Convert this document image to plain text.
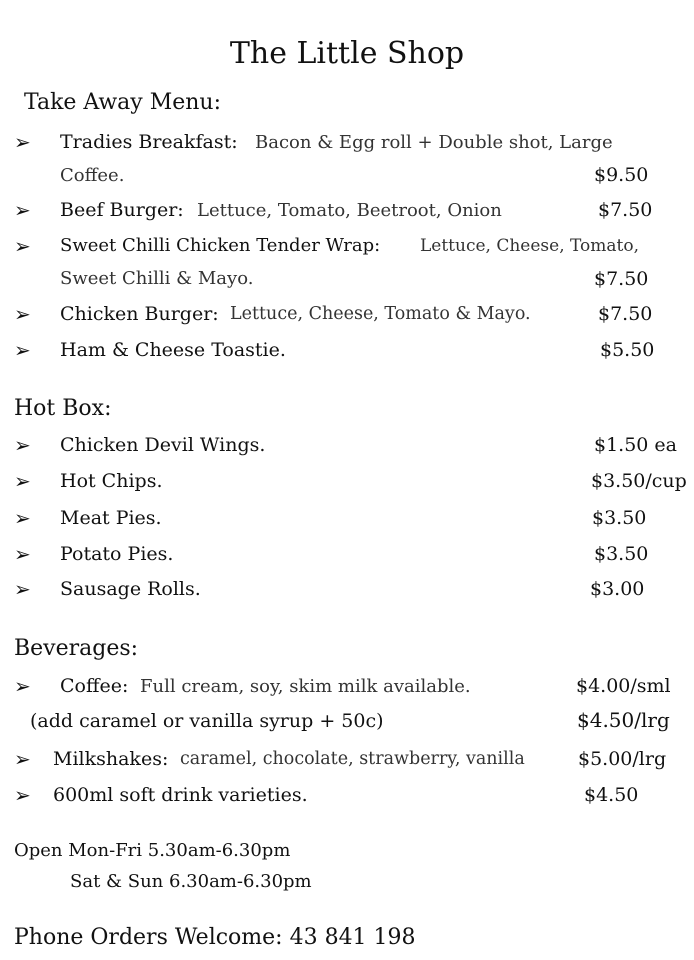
The Little Shop
Take Away Menu:
➢ Tradies Breakfast: Bacon & Egg roll + Double shot, Large
Coffee.	$9.50
➢ Beef Burger: Lettuce, Tomato, Beetroot, Onion	$7.50
➢ Sweet Chilli Chicken Tender Wrap: Lettuce, Cheese, Tomato,
Sweet Chilli & Mayo.	$7.50
➢ Chicken Burger: Lettuce, Cheese, Tomato & Mayo.	$7.50
➢ Ham & Cheese Toastie.	$5.50
Hot Box:
➢ Chicken Devil Wings.	$1.50 ea
➢ Hot Chips.	$3.50/cup
➢ Meat Pies.	$3.50
➢ Potato Pies.	$3.50
➢ Sausage Rolls.	$3.00
Beverages:
➢ Coffee: Full cream, soy, skim milk available.	$4.00/sml
(add caramel or vanilla syrup + 50c)	$4.50/lrg
➢ Milkshakes: caramel, chocolate, strawberry, vanilla	$5.00/lrg
➢ 600ml soft drink varieties.	$4.50
Open Mon-Fri 5.30am-6.30pm
Sat & Sun 6.30am-6.30pm
Phone Orders Welcome: 43 841 198
